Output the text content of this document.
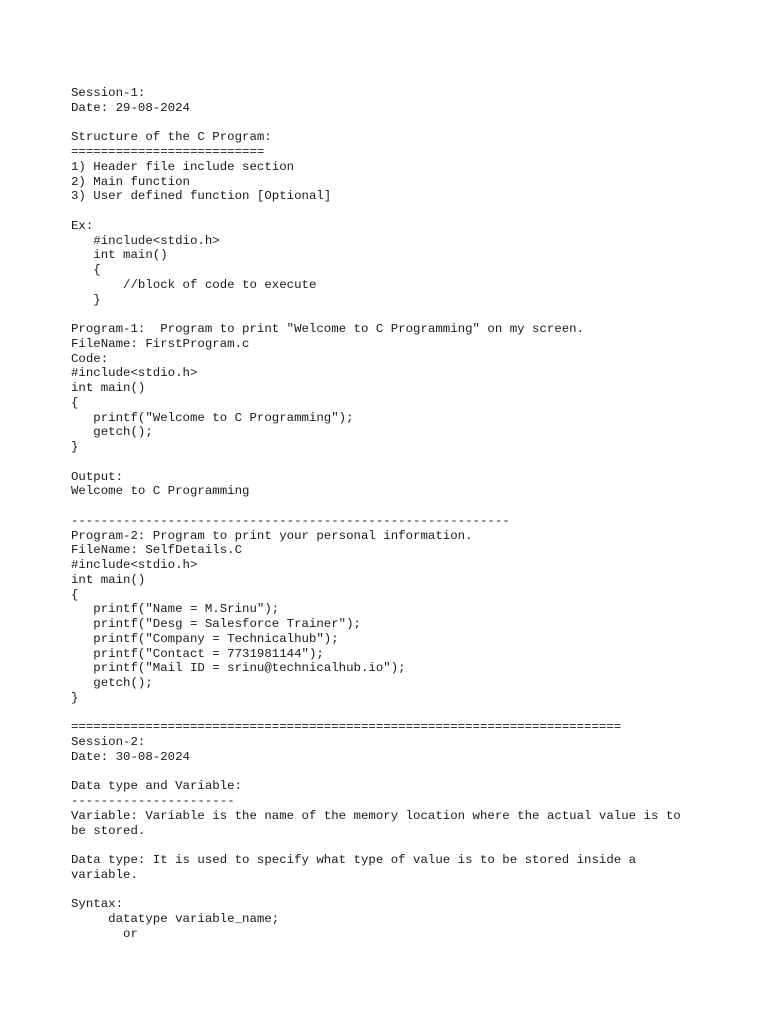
Session-1:
Date: 29-08-2024
Structure of the C Program:
==========================
1) Header file include section
2) Main function
3) User defined function [Optional]
Ex:
#include<stdio.h>
int main()
{
//block of code to execute
}
Program-1:  Program to print "Welcome to C Programming" on my screen.
FileName: FirstProgram.c
Code:
#include<stdio.h>
int main()
{
printf("Welcome to C Programming");
getch();
}
Output:
Welcome to C Programming
-----------------------------------------------------------
Program-2: Program to print your personal information.
FileName: SelfDetails.C
#include<stdio.h>
int main()
{
printf("Name = M.Srinu");
printf("Desg = Salesforce Trainer");
printf("Company = Technicalhub");
printf("Contact = 7731981144");
printf("Mail ID = srinu@technicalhub.io");
getch();
}
==========================================================================
Session-2:
Date: 30-08-2024
Data type and Variable:
----------------------
Variable: Variable is the name of the memory location where the actual value is to be stored.
Data type: It is used to specify what type of value is to be stored inside a variable.
Syntax:
datatype variable_name;
or
